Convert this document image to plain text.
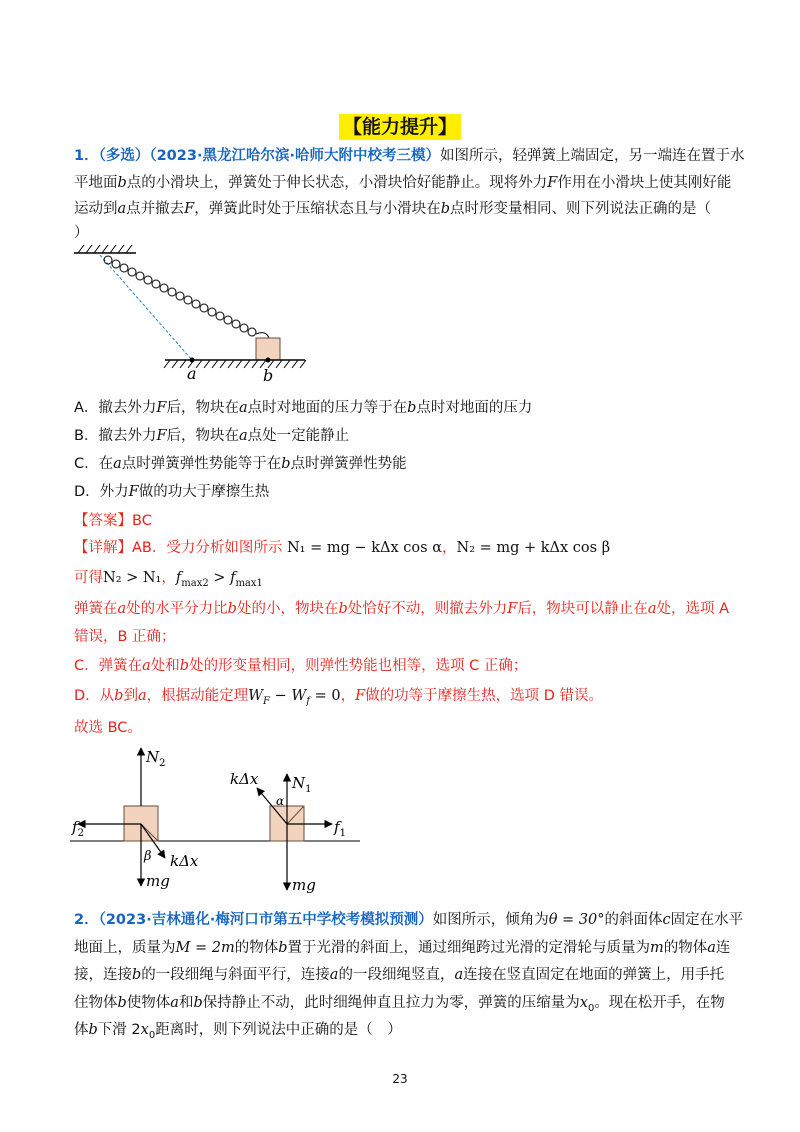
【能力提升】
1．（多选）（2023·黑龙江哈尔滨·哈师大附中校考三模）如图所示，轻弹簧上端固定，另一端连在置于水
平地面b点的小滑块上，弹簧处于伸长状态，小滑块恰好能静止。现将外力F作用在小滑块上使其刚好能
运动到a点并撤去F，弹簧此时处于压缩状态且与小滑块在b点时形变量相同、则下列说法正确的是（
）
a	b
A．撤去外力F后，物块在a点时对地面的压力等于在b点时对地面的压力
B．撤去外力F后，物块在a点处一定能静止
C．在a点时弹簧弹性势能等于在b点时弹簧弹性势能
D．外力F做的功大于摩擦生热
【答案】BC
【详解】AB．受力分析如图所示 N₁ = mg − kΔx cos α，N₂ = mg + kΔx cos β
可得N₂ > N₁，$f_{max2} > f_{max1}$
弹簧在a处的水平分力比b处的小，物块在b处恰好不动，则撤去外力F后，物块可以静止在a处，选项 A
错误，B 正确；
C．弹簧在a处和b处的形变量相同，则弹性势能也相等，选项 C 正确；
D．从b到a，根据动能定理$W_F - W_f = 0$，F做的功等于摩擦生热，选项 D 错误。
故选 BC。
$N_2$
$f_2$
β kΔx
mg
kΔx $N_1$
α
$f_1$
mg
2．（2023·吉林通化·梅河口市第五中学校考模拟预测）如图所示，倾角为θ = 30°的斜面体c固定在水平
地面上，质量为M = 2m的物体b置于光滑的斜面上，通过细绳跨过光滑的定滑轮与质量为m的物体a连
接，连接b的一段细绳与斜面平行，连接a的一段细绳竖直，a连接在竖直固定在地面的弹簧上，用手托
住物体b使物体a和b保持静止不动，此时细绳伸直且拉力为零，弹簧的压缩量为$x_0$。现在松开手，在物
体b下滑 $2x_0$距离时，则下列说法中正确的是（　）
23
